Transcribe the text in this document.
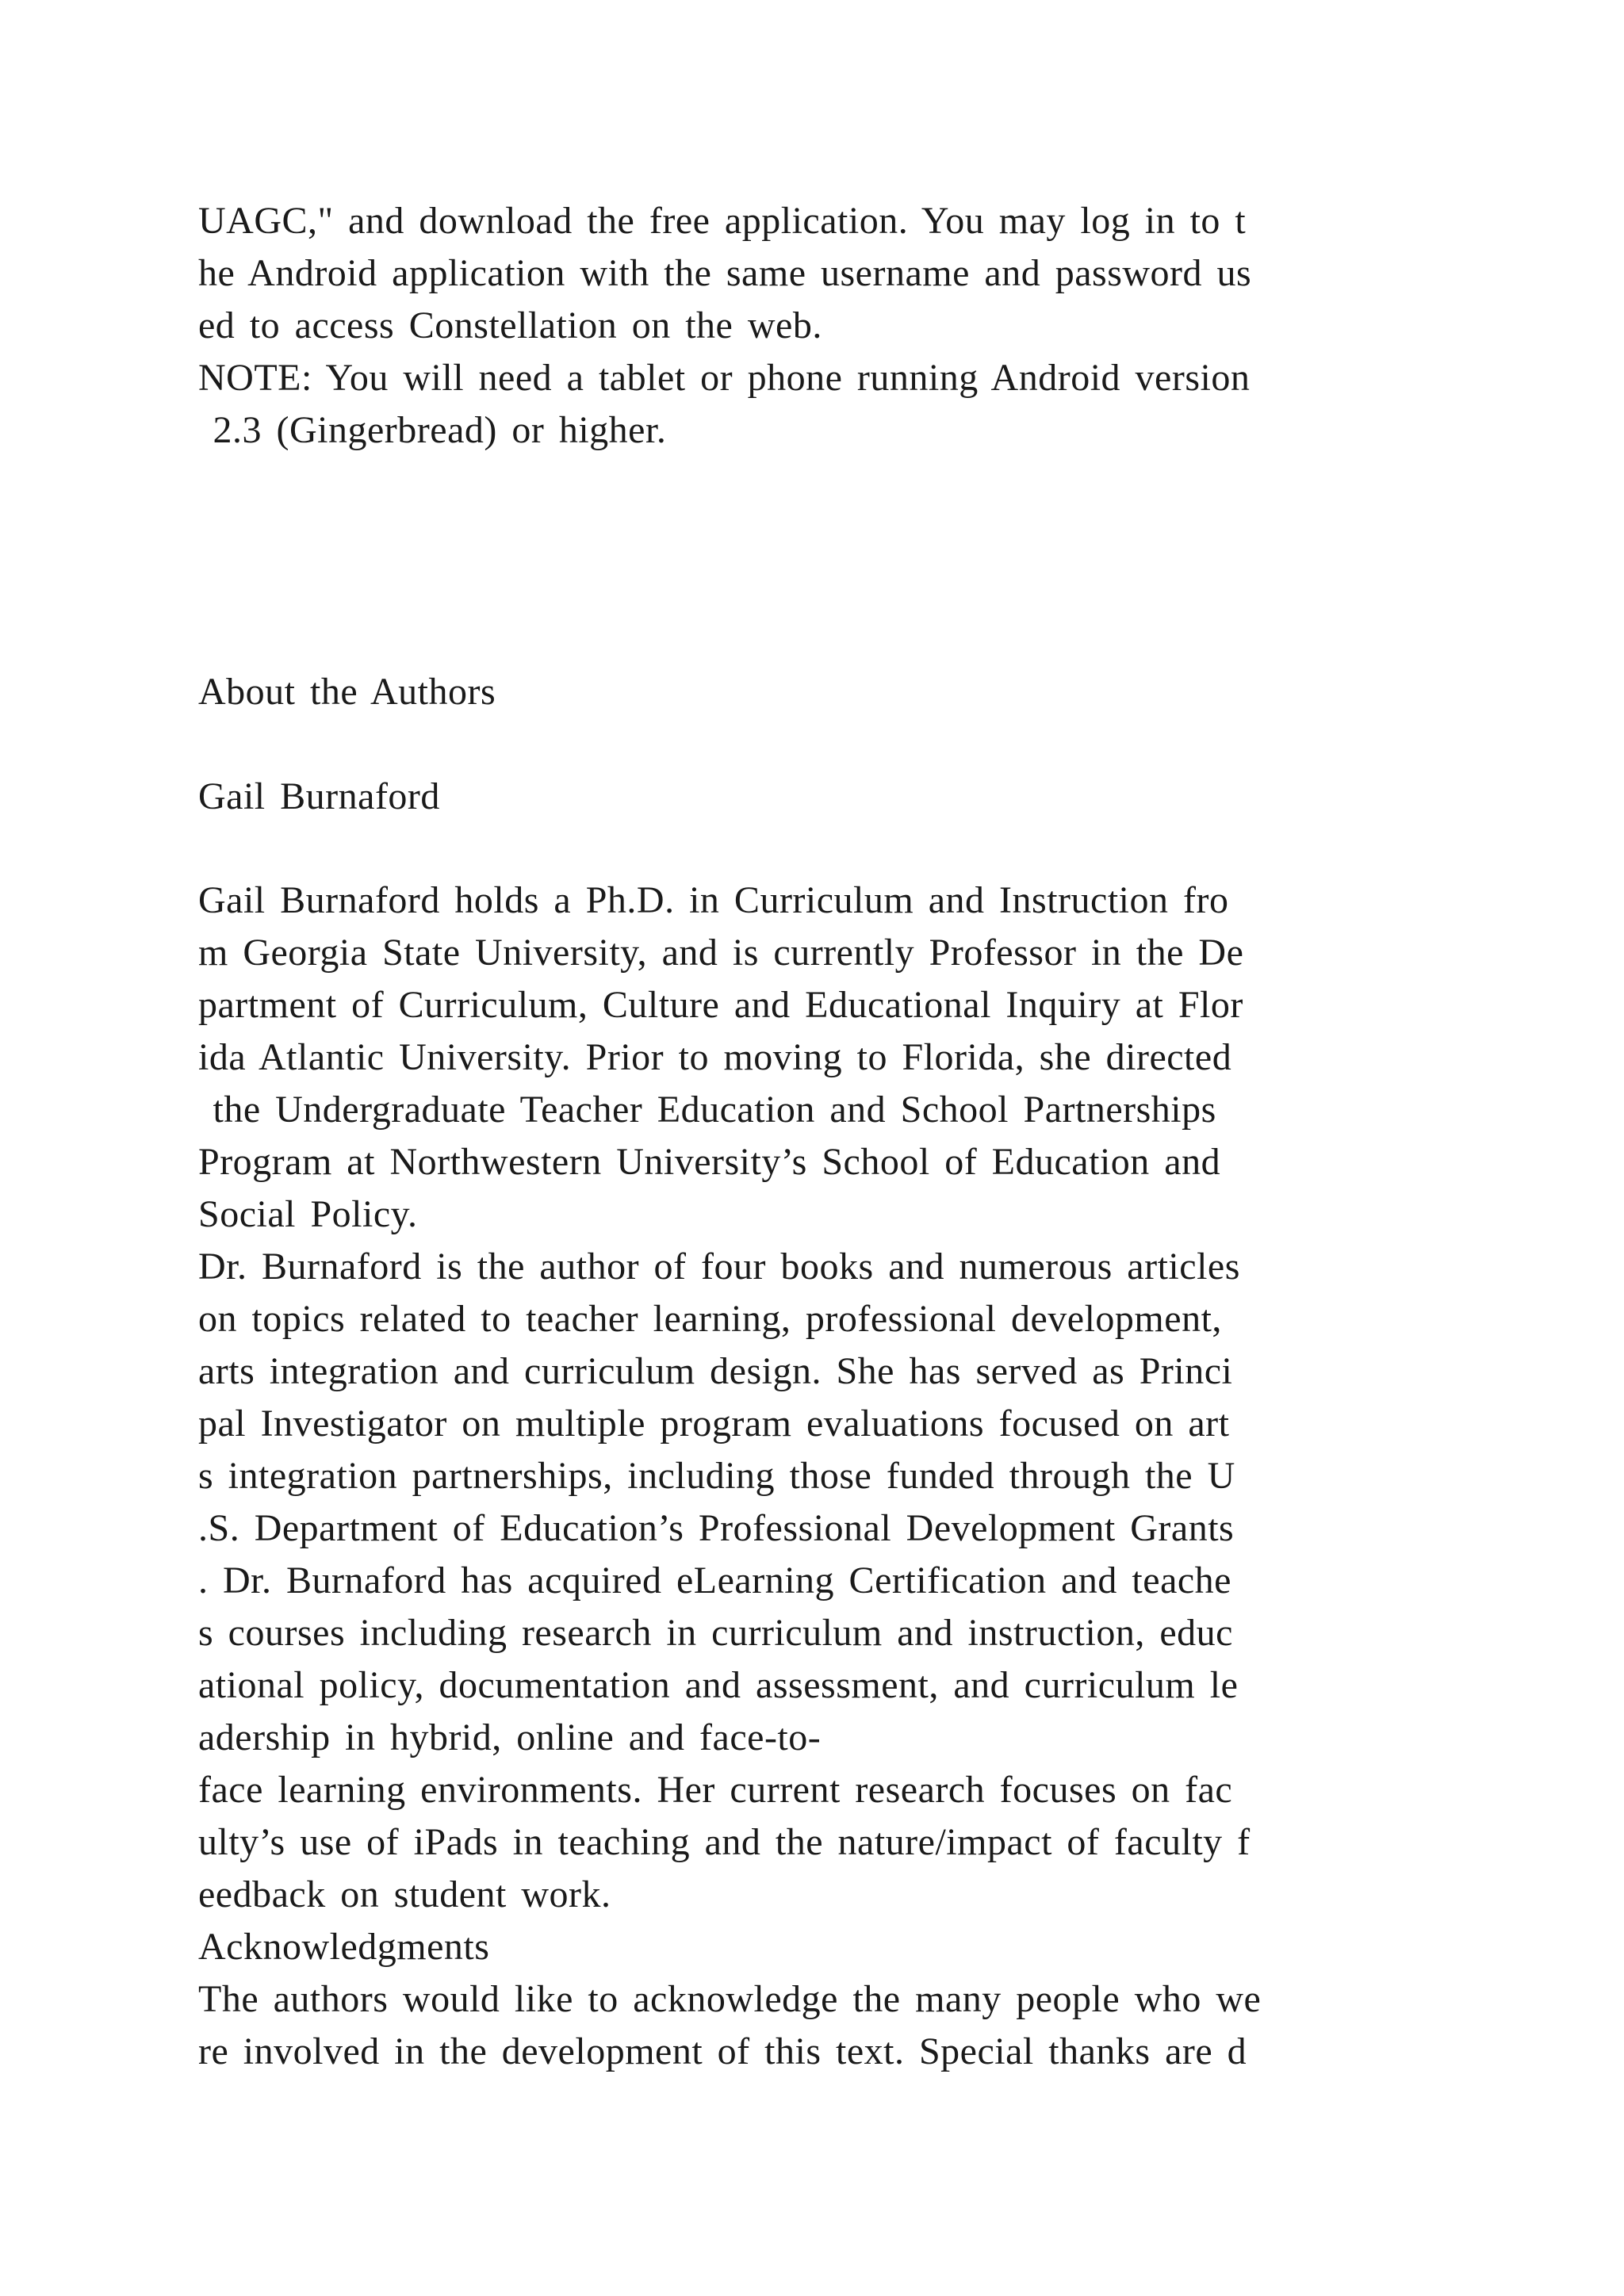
UAGC," and download the free application. You may log in to t
he Android application with the same username and password us
ed to access Constellation on the web.
NOTE: You will need a tablet or phone running Android version
2.3 (Gingerbread) or higher.
About the Authors
Gail Burnaford
Gail Burnaford holds a Ph.D. in Curriculum and Instruction fro
m Georgia State University, and is currently Professor in the De
partment of Curriculum, Culture and Educational Inquiry at Flor
ida Atlantic University. Prior to moving to Florida, she directed
the Undergraduate Teacher Education and School Partnerships
Program at Northwestern University’s School of Education and
Social Policy.
Dr. Burnaford is the author of four books and numerous articles
on topics related to teacher learning, professional development,
arts integration and curriculum design. She has served as Princi
pal Investigator on multiple program evaluations focused on art
s integration partnerships, including those funded through the U
.S. Department of Education’s Professional Development Grants
. Dr. Burnaford has acquired eLearning Certification and teache
s courses including research in curriculum and instruction, educ
ational policy, documentation and assessment, and curriculum le
adership in hybrid, online and face-to-
face learning environments. Her current research focuses on fac
ulty’s use of iPads in teaching and the nature/impact of faculty f
eedback on student work.
Acknowledgments
The authors would like to acknowledge the many people who we
re involved in the development of this text. Special thanks are d
